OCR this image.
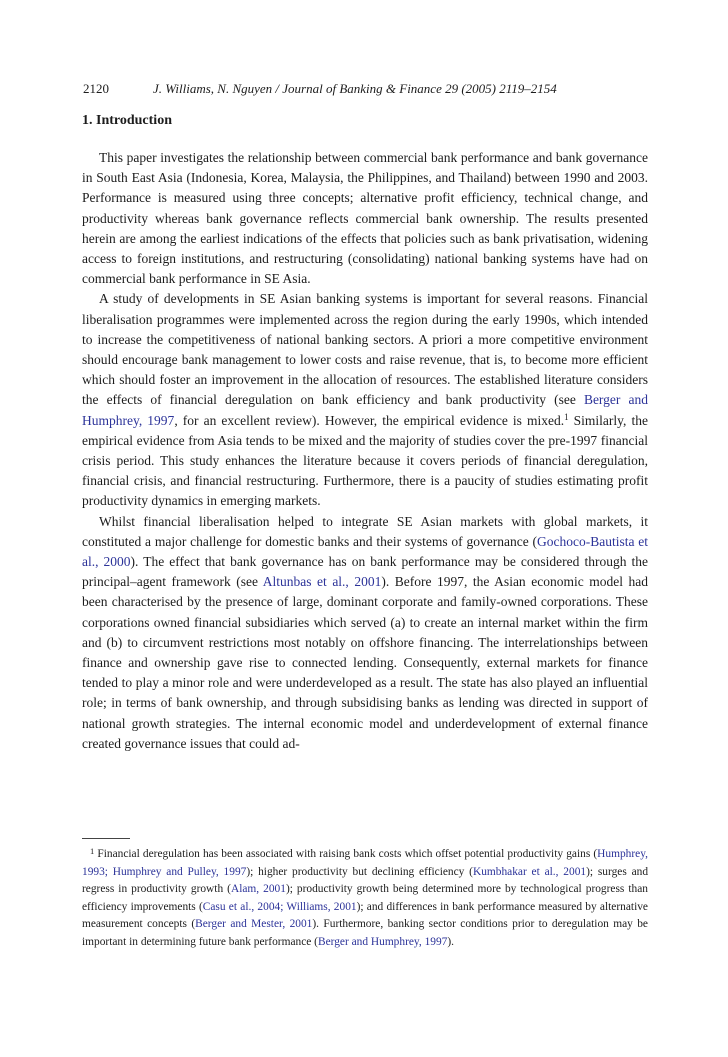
2120	J. Williams, N. Nguyen / Journal of Banking & Finance 29 (2005) 2119–2154
1. Introduction

This paper investigates the relationship between commercial bank performance and bank governance in South East Asia (Indonesia, Korea, Malaysia, the Philippines, and Thailand) between 1990 and 2003. Performance is measured using three concepts; alternative profit efficiency, technical change, and productivity whereas bank governance reflects commercial bank ownership. The results presented herein are among the earliest indications of the effects that policies such as bank privatisation, widening access to foreign institutions, and restructuring (consolidating) national banking systems have had on commercial bank performance in SE Asia.

A study of developments in SE Asian banking systems is important for several reasons. Financial liberalisation programmes were implemented across the region during the early 1990s, which intended to increase the competitiveness of national banking sectors. A priori a more competitive environment should encourage bank management to lower costs and raise revenue, that is, to become more efficient which should foster an improvement in the allocation of resources. The established literature considers the effects of financial deregulation on bank efficiency and bank productivity (see Berger and Humphrey, 1997, for an excellent review). However, the empirical evidence is mixed.$^1$ Similarly, the empirical evidence from Asia tends to be mixed and the majority of studies cover the pre-1997 financial crisis period. This study enhances the literature because it covers periods of financial deregulation, financial crisis, and financial restructuring. Furthermore, there is a paucity of studies estimating profit productivity dynamics in emerging markets.

Whilst financial liberalisation helped to integrate SE Asian markets with global markets, it constituted a major challenge for domestic banks and their systems of governance (Gochoco-Bautista et al., 2000). The effect that bank governance has on bank performance may be considered through the principal–agent framework (see Altunbas et al., 2001). Before 1997, the Asian economic model had been characterised by the presence of large, dominant corporate and family-owned corporations. These corporations owned financial subsidiaries which served (a) to create an internal market within the firm and (b) to circumvent restrictions most notably on offshore financing. The interrelationships between finance and ownership gave rise to connected lending. Consequently, external markets for finance tended to play a minor role and were underdeveloped as a result. The state has also played an influential role; in terms of bank ownership, and through subsidising banks as lending was directed in support of national growth strategies. The internal economic model and underdevelopment of external finance created governance issues that could ad-

$^1$ Financial deregulation has been associated with raising bank costs which offset potential productivity gains (Humphrey, 1993; Humphrey and Pulley, 1997); higher productivity but declining efficiency (Kumbhakar et al., 2001); surges and regress in productivity growth (Alam, 2001); productivity growth being determined more by technological progress than efficiency improvements (Casu et al., 2004; Williams, 2001); and differences in bank performance measured by alternative measurement concepts (Berger and Mester, 2001). Furthermore, banking sector conditions prior to deregulation may be important in determining future bank performance (Berger and Humphrey, 1997).
